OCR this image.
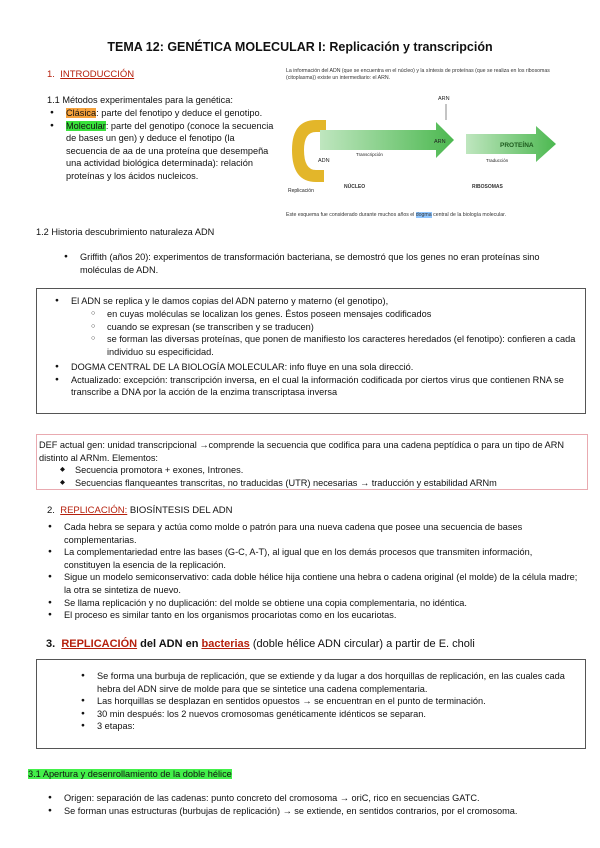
TEMA 12: GENÉTICA MOLECULAR I: Replicación y transcripción
1. INTRODUCCIÓN
1.1 Métodos experimentales para la genética:
● Clásica: parte del fenotipo y deduce el genotipo.
● Molecular: parte del genotipo (conoce la secuencia de bases un gen) y deduce el fenotipo (la secuencia de aa de una proteína que desempeña una actividad biológica determinada): relación proteínas y los ácidos nucleicos.
La información del ADN (que se encuentra en el núcleo) y la síntesis de proteínas (que se realiza en los ribosomas (citoplasma)) existe un intermediario: el ARN.
ADN
ARN
ARN	PROTEÍNA
Transcripción
Traducción
Replicación
NÚCLEO	RIBOSOMAS
Este esquema fue considerado durante muchos años el dogma central de la biología molecular.
1.2 Historia descubrimiento naturaleza ADN
● Griffith (años 20): experimentos de transformación bacteriana, se demostró que los genes no eran proteínas sino moléculas de ADN.
● El ADN se replica y le damos copias del ADN paterno y materno (el genotipo),
○ en cuyas moléculas se localizan los genes. Éstos poseen mensajes codificados
○ cuando se expresan (se transcriben y se traducen)
○ se forman las diversas proteínas, que ponen de manifiesto los caracteres heredados (el fenotipo): confieren a cada individuo su especificidad.
● DOGMA CENTRAL DE LA BIOLOGÍA MOLECULAR: info fluye en una sola direcció.
● Actualizado: excepción: transcripción inversa, en el cual la información codificada por ciertos virus que contienen RNA se transcribe a DNA por la acción de la enzima transcriptasa inversa
DEF actual gen: unidad transcripcional →comprende la secuencia que codifica para una cadena peptídica o para un tipo de ARN distinto al ARNm. Elementos:
◆ Secuencia promotora + exones, Intrones.
◆ Secuencias flanqueantes transcritas, no traducidas (UTR) necesarias → traducción y estabilidad ARNm
2. REPLICACIÓN: BIOSÍNTESIS DEL ADN
● Cada hebra se separa y actúa como molde o patrón para una nueva cadena que posee una secuencia de bases complementarias.
● La complementariedad entre las bases (G-C, A-T), al igual que en los demás procesos que transmiten información, constituyen la esencia de la replicación.
● Sigue un modelo semiconservativo: cada doble hélice hija contiene una hebra o cadena original (el molde) de la célula madre; la otra se sintetiza de nuevo.
● Se llama replicación y no duplicación: del molde se obtiene una copia complementaria, no idéntica.
● El proceso es similar tanto en los organismos procariotas como en los eucariotas.
3. REPLICACIÓN del ADN en bacterias (doble hélice ADN circular) a partir de E. choli
● Se forma una burbuja de replicación, que se extiende y da lugar a dos horquillas de replicación, en las cuales cada hebra del ADN sirve de molde para que se sintetice una cadena complementaria.
● Las horquillas se desplazan en sentidos opuestos → se encuentran en el punto de terminación.
● 30 min después: los 2 nuevos cromosomas genéticamente idénticos se separan.
● 3 etapas:
3.1 Apertura y desenrollamiento de la doble hélice
● Origen: separación de las cadenas: punto concreto del cromosoma → oriC, rico en secuencias GATC.
● Se forman unas estructuras (burbujas de replicación) → se extiende, en sentidos contrarios, por el cromosoma.
